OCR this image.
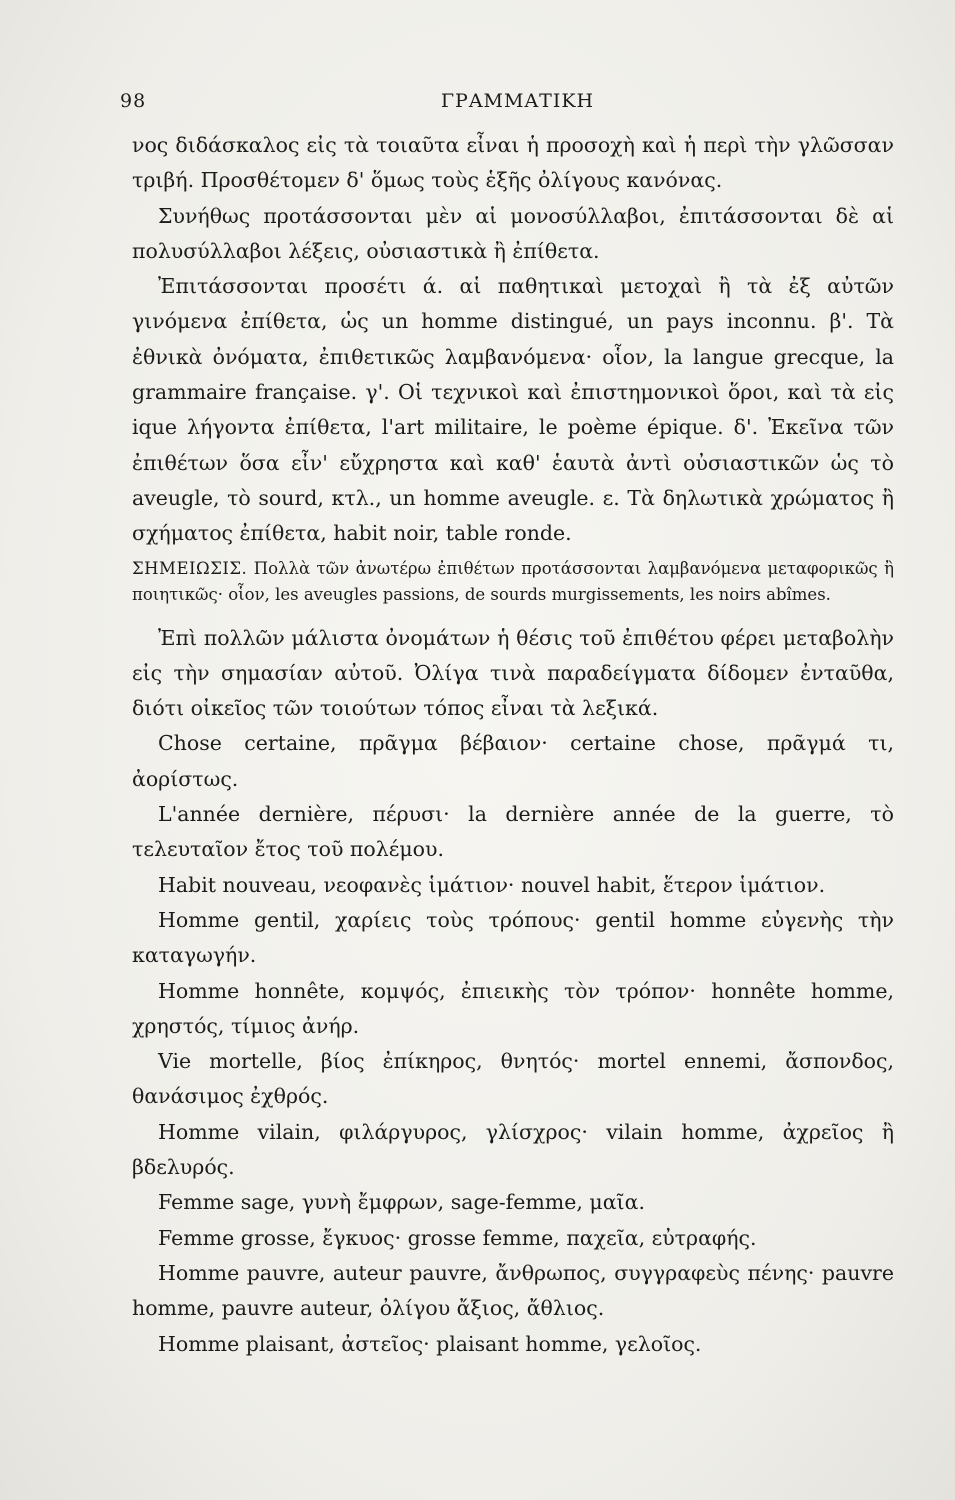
98	ΓΡΑΜΜΑΤΙΚΗ

νος διδάσκαλος εἰς τὰ τοιαῦτα εἶναι ἡ προσοχὴ καὶ ἡ περὶ τὴν γλῶσσαν τριβή. Προσθέτομεν δ' ὅμως τοὺς ἑξῆς ὀλίγους κανόνας.

Συνήθως προτάσσονται μὲν αἱ μονοσύλλαβοι, ἐπιτάσσονται δὲ αἱ πολυσύλλαβοι λέξεις, οὐσιαστικὰ ἢ ἐπίθετα.

Ἐπιτάσσονται προσέτι ά. αἱ παθητικαὶ μετοχαὶ ἢ τὰ ἐξ αὐτῶν γινόμενα ἐπίθετα, ὡς un homme distingué, un pays inconnu. β'. Τὰ ἐθνικὰ ὀνόματα, ἐπιθετικῶς λαμβανόμενα· οἷον, la langue grecque, la grammaire française. γ'. Οἱ τεχνικοὶ καὶ ἐπιστημονικοὶ ὅροι, καὶ τὰ εἰς ique λήγοντα ἐπίθετα, l'art militaire, le poème épique. δ'. Ἐκεῖνα τῶν ἐπιθέτων ὅσα εἶν' εὔχρηστα καὶ καθ' ἑαυτὰ ἀντὶ οὐσιαστικῶν ὡς τὸ aveugle, τὸ sourd, κτλ., un homme aveugle. ε. Τὰ δηλωτικὰ χρώματος ἢ σχήματος ἐπίθετα, habit noir, table ronde.

ΣΗΜΕΙΩΣΙΣ. Πολλὰ τῶν ἀνωτέρω ἐπιθέτων προτάσσονται λαμβανόμενα μεταφορικῶς ἢ ποιητικῶς· οἷον, les aveugles passions, de sourds murgissements, les noirs abîmes.

Ἐπὶ πολλῶν μάλιστα ὀνομάτων ἡ θέσις τοῦ ἐπιθέτου φέρει μεταβολὴν εἰς τὴν σημασίαν αὐτοῦ. Ὀλίγα τινὰ παραδείγματα δίδομεν ἐνταῦθα, διότι οἰκεῖος τῶν τοιούτων τόπος εἶναι τὰ λεξικά.

Chose certaine, πρᾶγμα βέβαιον· certaine chose, πρᾶγμά τι, ἀορίστως.

L'année dernière, πέρυσι· la dernière année de la guerre, τὸ τελευταῖον ἔτος τοῦ πολέμου.

Habit nouveau, νεοφανὲς ἱμάτιον· nouvel habit, ἕτερον ἱμάτιον.

Homme gentil, χαρίεις τοὺς τρόπους· gentil homme εὐγενὴς τὴν καταγωγήν.

Homme honnête, κομψός, ἐπιεικὴς τὸν τρόπον· honnête homme, χρηστός, τίμιος ἀνήρ.

Vie mortelle, βίος ἐπίκηρος, θνητός· mortel ennemi, ἄσπονδος, θανάσιμος ἐχθρός.

Homme vilain, φιλάργυρος, γλίσχρος· vilain homme, ἀχρεῖος ἢ βδελυρός.

Femme sage, γυνὴ ἔμφρων, sage-femme, μαῖα.

Femme grosse, ἔγκυος· grosse femme, παχεῖα, εὐτραφής.

Homme pauvre, auteur pauvre, ἄνθρωπος, συγγραφεὺς πένης· pauvre homme, pauvre auteur, ὀλίγου ἄξιος, ἄθλιος.

Homme plaisant, ἀστεῖος· plaisant homme, γελοῖος.
